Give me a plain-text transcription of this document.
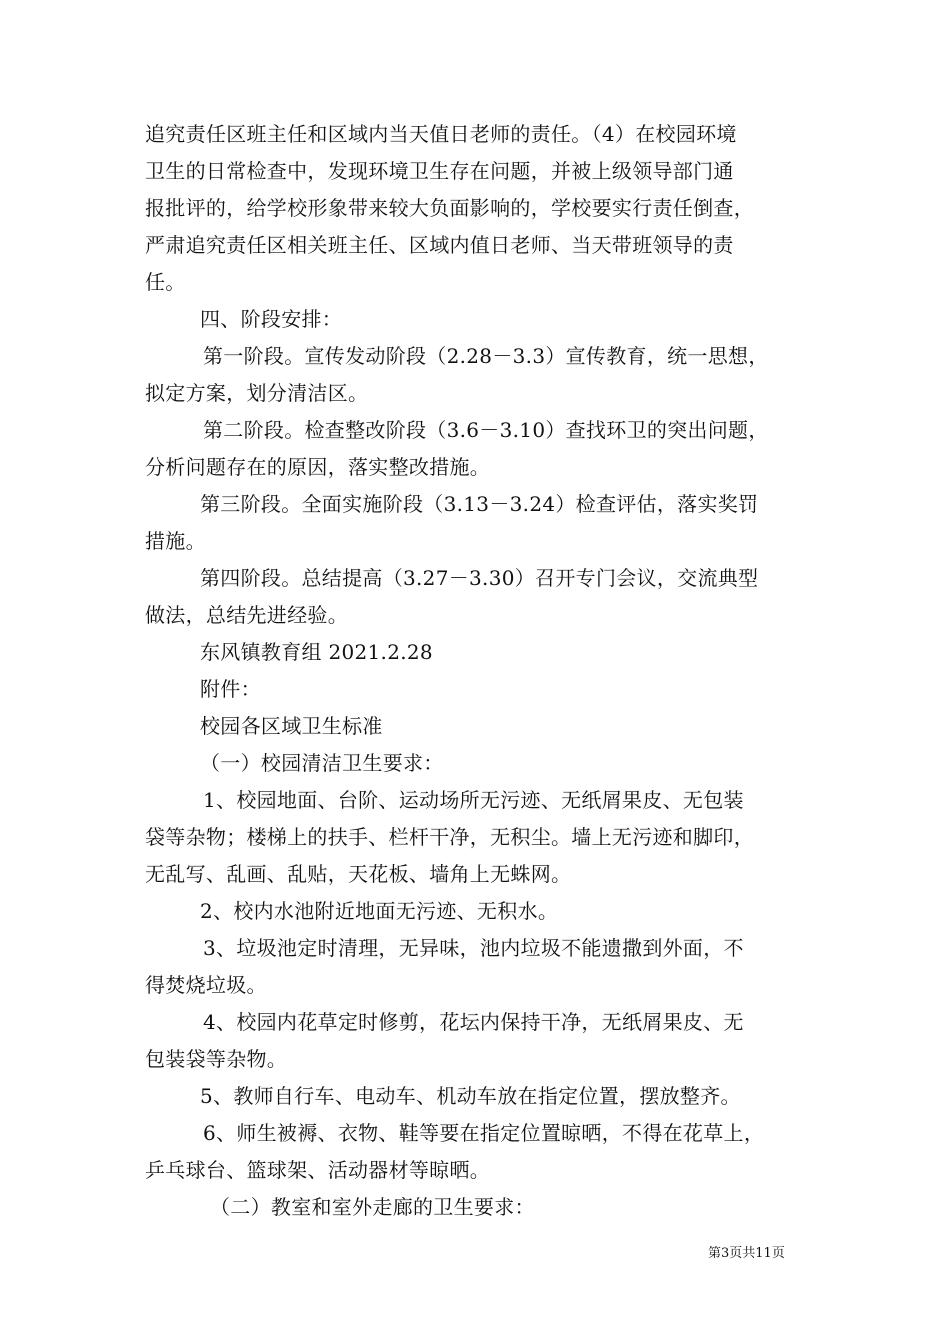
追究责任区班主任和区域内当天值日老师的责任。（4）在校园环境
卫生的日常检查中，发现环境卫生存在问题，并被上级领导部门通
报批评的，给学校形象带来较大负面影响的，学校要实行责任倒查，
严肃追究责任区相关班主任、区域内值日老师、当天带班领导的责
任。
四、阶段安排：
第一阶段。宣传发动阶段（2.28－3.3）宣传教育，统一思想，
拟定方案，划分清洁区。
第二阶段。检查整改阶段（3.6－3.10）查找环卫的突出问题，
分析问题存在的原因，落实整改措施。
第三阶段。全面实施阶段（3.13－3.24）检查评估，落实奖罚
措施。
第四阶段。总结提高（3.27－3.30）召开专门会议，交流典型
做法，总结先进经验。
东风镇教育组 2021.2.28
附件：
校园各区域卫生标准
（一）校园清洁卫生要求：
1、校园地面、台阶、运动场所无污迹、无纸屑果皮、无包装
袋等杂物；楼梯上的扶手、栏杆干净，无积尘。墙上无污迹和脚印，
无乱写、乱画、乱贴，天花板、墙角上无蛛网。
2、校内水池附近地面无污迹、无积水。
3、垃圾池定时清理，无异味，池内垃圾不能遗撒到外面，不
得焚烧垃圾。
4、校园内花草定时修剪，花坛内保持干净，无纸屑果皮、无
包装袋等杂物。
5、教师自行车、电动车、机动车放在指定位置，摆放整齐。
6、师生被褥、衣物、鞋等要在指定位置晾晒，不得在花草上，
乒乓球台、篮球架、活动器材等晾晒。
（二）教室和室外走廊的卫生要求：
第3页共11页
